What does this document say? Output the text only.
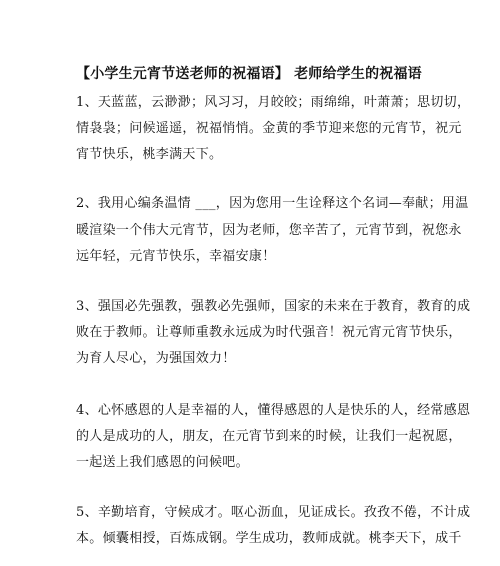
【小学生元宵节送老师的祝福语】 老师给学生的祝福语
1、天蓝蓝，云渺渺；风习习，月皎皎；雨绵绵，叶萧萧；思切切，
情袅袅；问候遥遥，祝福悄悄。金黄的季节迎来您的元宵节，祝元
宵节快乐，桃李满天下。
2、我用心编条温情 ___，因为您用一生诠释这个名词—奉献；用温
暖渲染一个伟大元宵节，因为老师，您辛苦了，元宵节到，祝您永
远年轻，元宵节快乐，幸福安康！
3、强国必先强教，强教必先强师，国家的未来在于教育，教育的成
败在于教师。让尊师重教永远成为时代强音！祝元宵元宵节快乐，
为育人尽心，为强国效力！
4、心怀感恩的人是幸福的人，懂得感恩的人是快乐的人，经常感恩
的人是成功的人，朋友，在元宵节到来的时候，让我们一起祝愿，
一起送上我们感恩的问候吧。
5、辛勤培育，守候成才。呕心沥血，见证成长。孜孜不倦，不计成
本。倾囊相授，百炼成钢。学生成功，教师成就。桃李天下，成千
